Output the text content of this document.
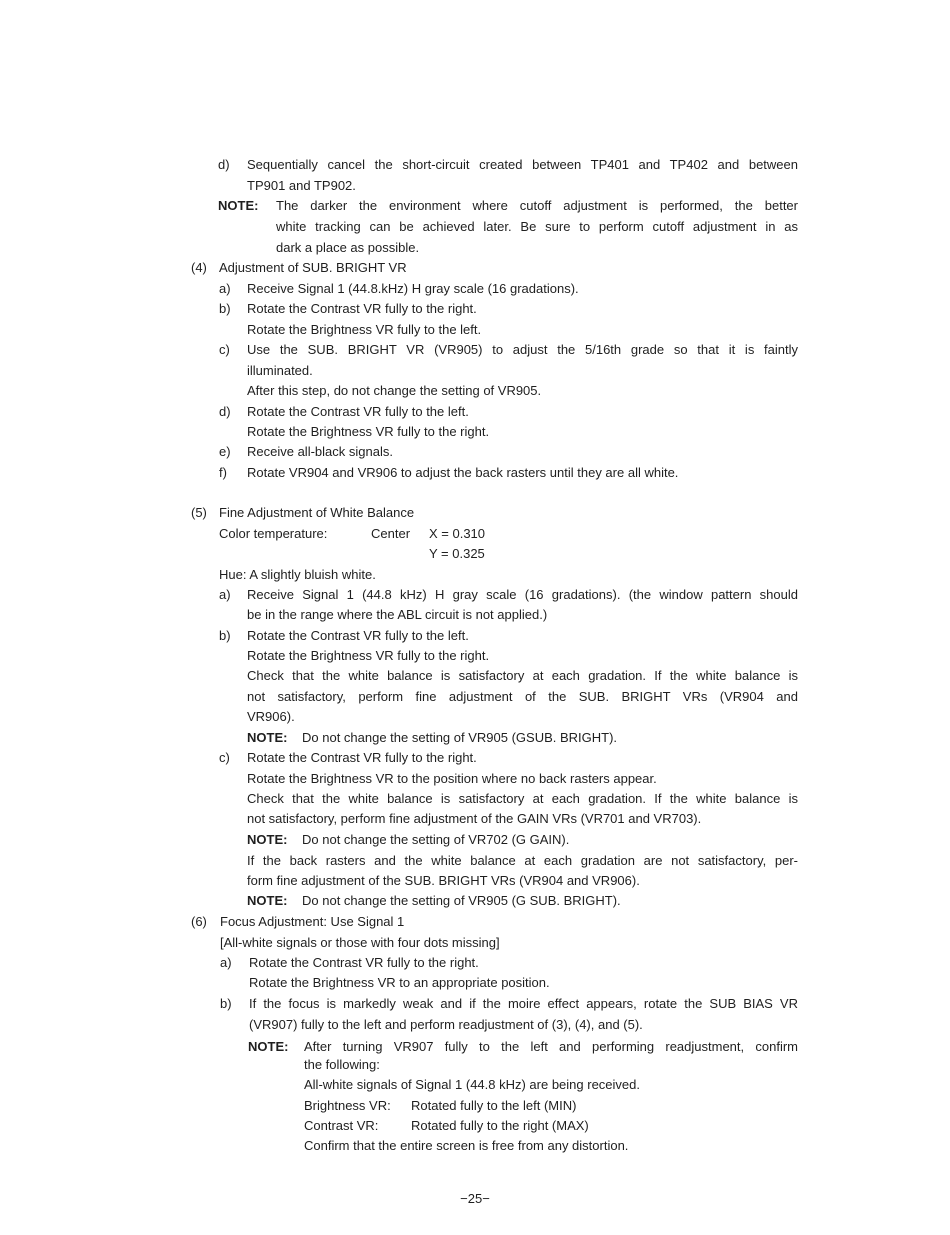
d) Sequentially cancel the short-circuit created between TP401 and TP402 and between
TP901 and TP902.
NOTE: The darker the environment where cutoff adjustment is performed, the better
white tracking can be achieved later. Be sure to perform cutoff adjustment in as
dark a place as possible.
(4) Adjustment of SUB. BRIGHT VR
a) Receive Signal 1 (44.8.kHz) H gray scale (16 gradations).
b) Rotate the Contrast VR fully to the right.
Rotate the Brightness VR fully to the left.
c) Use the SUB. BRIGHT VR (VR905) to adjust the 5/16th grade so that it is faintly
illuminated.
After this step, do not change the setting of VR905.
d) Rotate the Contrast VR fully to the left.
Rotate the Brightness VR fully to the right.
e) Receive all-black signals.
f) Rotate VR904 and VR906 to adjust the back rasters until they are all white.
(5) Fine Adjustment of White Balance
Color temperature:	Center X = 0.310
Y = 0.325
Hue: A slightly bluish white.
a) Receive Signal 1 (44.8 kHz) H gray scale (16 gradations). (the window pattern should
be in the range where the ABL circuit is not applied.)
b) Rotate the Contrast VR fully to the left.
Rotate the Brightness VR fully to the right.
Check that the white balance is satisfactory at each gradation. If the white balance is
not satisfactory, perform fine adjustment of the SUB. BRIGHT VRs (VR904 and
VR906).
NOTE: Do not change the setting of VR905 (GSUB. BRIGHT).
c) Rotate the Contrast VR fully to the right.
Rotate the Brightness VR to the position where no back rasters appear.
Check that the white balance is satisfactory at each gradation. If the white balance is
not satisfactory, perform fine adjustment of the GAIN VRs (VR701 and VR703).
NOTE: Do not change the setting of VR702 (G GAIN).
If the back rasters and the white balance at each gradation are not satisfactory, per-
form fine adjustment of the SUB. BRIGHT VRs (VR904 and VR906).
NOTE: Do not change the setting of VR905 (G SUB. BRIGHT).
(6) Focus Adjustment: Use Signal 1
[All-white signals or those with four dots missing]
a) Rotate the Contrast VR fully to the right.
Rotate the Brightness VR to an appropriate position.
b) If the focus is markedly weak and if the moire effect appears, rotate the SUB BIAS VR
(VR907) fully to the left and perform readjustment of (3), (4), and (5).
NOTE: After turning VR907 fully to the left and performing readjustment, confirm
the following:
All-white signals of Signal 1 (44.8 kHz) are being received.
Brightness VR: Rotated fully to the left (MIN)
Contrast VR:	Rotated fully to the right (MAX)
Confirm that the entire screen is free from any distortion.
−25−
